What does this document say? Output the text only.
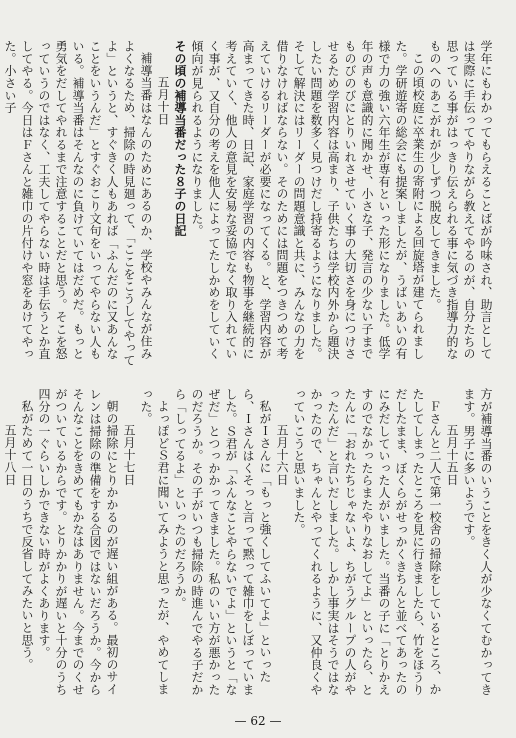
学年にもわかってもらえることばが吟味され、助言としては実際に手伝ってやりながら教えてやるのが、自分たちの思っている事がはっきり伝えられる事に気づき指導力的なものへのあこがれが少しずつ脱皮してきました。

この頃校庭に卒業生の寄附による回旋塔が建てられました。学研遊寄の総会にも提案しましたが、うばいあいの有様で力の強い六年生が専有といった形になりました。低学年の声も意識的に聞かせ、小さな子、発言の少ない子までものびのびにとりいれさせていく事の大切さを身につけさせるため学習内容は高まり、子供たちは学校内外から題決したい問題を数多く見つけだし持寄るようになりました。そして解決にはリーダーの問題意識と共に、みんなの力を借りなければならない。そのためには問題をつきつめて考えていけるリーダーが必要になってくる。と、学習内容が高まってきた時、日記、家庭学習の内容も物事を継続的に考えていく、他人の意見を安易な妥協でなく取り入れていく事が、又自分の考えを他人によってたしかめをしていく傾向が見られるようになりました。

その頃の補導当番だった８子の日記

五月十日

補導当番はなんのためにあるのか、学校やみんなが住みよくなるため、掃除の時見廻って、「ここをこうしてやってよ」というと、すぐきく人もあれば「ふんだのに又あんなことをいうんだ」とすぐおこり文句をいってやらない人もいる。補導当番はそんなのに負けていてはだめだ。もっと勇気をだしてやれるまで注意することだと思う。そこを怒っていうのではなく、工夫してやらない時は手伝うとか直してやる。今日はＦさんと雑巾の片付けや窓をあけてやった。小さい子

方が補導当番のいうことをきく人が少なくてむかってきます。男子に多いようです。

五月十五日

Ｆさんと二人で第一校舎の掃除をしているところ、かたしてしまったところを見に行きましたら、竹をほうりだしたまま、ぼくらがせっかくきちんと並べてあったのにみだしていった人がいました。当番の子に「とりかえすのでなかったらまたやりなおしてよ」といったら、とたんに「おれたちじゃないよ、ちがうグループの人がやったんだ」と言いだしました。しかし事実はそうではなかったので、ちゃんとやってくれるように、又仲良くやっていこうと思いました。

五月十六日

私がＩさんに「もっと強くしてふいてよ」といったら、Ｉさんはくそっと言って黙って雑巾をしぼっていました。Ｓ君が「ふんなことやらないでよ」というと「なぜだ」とつっかかってきました。私のいい方が悪かったのだろうか。その子がいつも掃除の時進んでやる子だから「しってるよ」といったのだろうか。

よっぽどＳ君に聞いてみようと思ったが、やめてしまった。

五月十七日

朝の掃除にとりかかるのが遅い組がある。最初のサイレンは掃除の準備をする合図ではないだろうか。今からそんなことをきめてもかなはありません。今までのくせがついているからです。とりかかりが遅いと十分のうち四分の一ぐらいしかできない時がよくあります。

私がためて一日のうちで反省してみたいと思う。

五月十八日

— 62 —
